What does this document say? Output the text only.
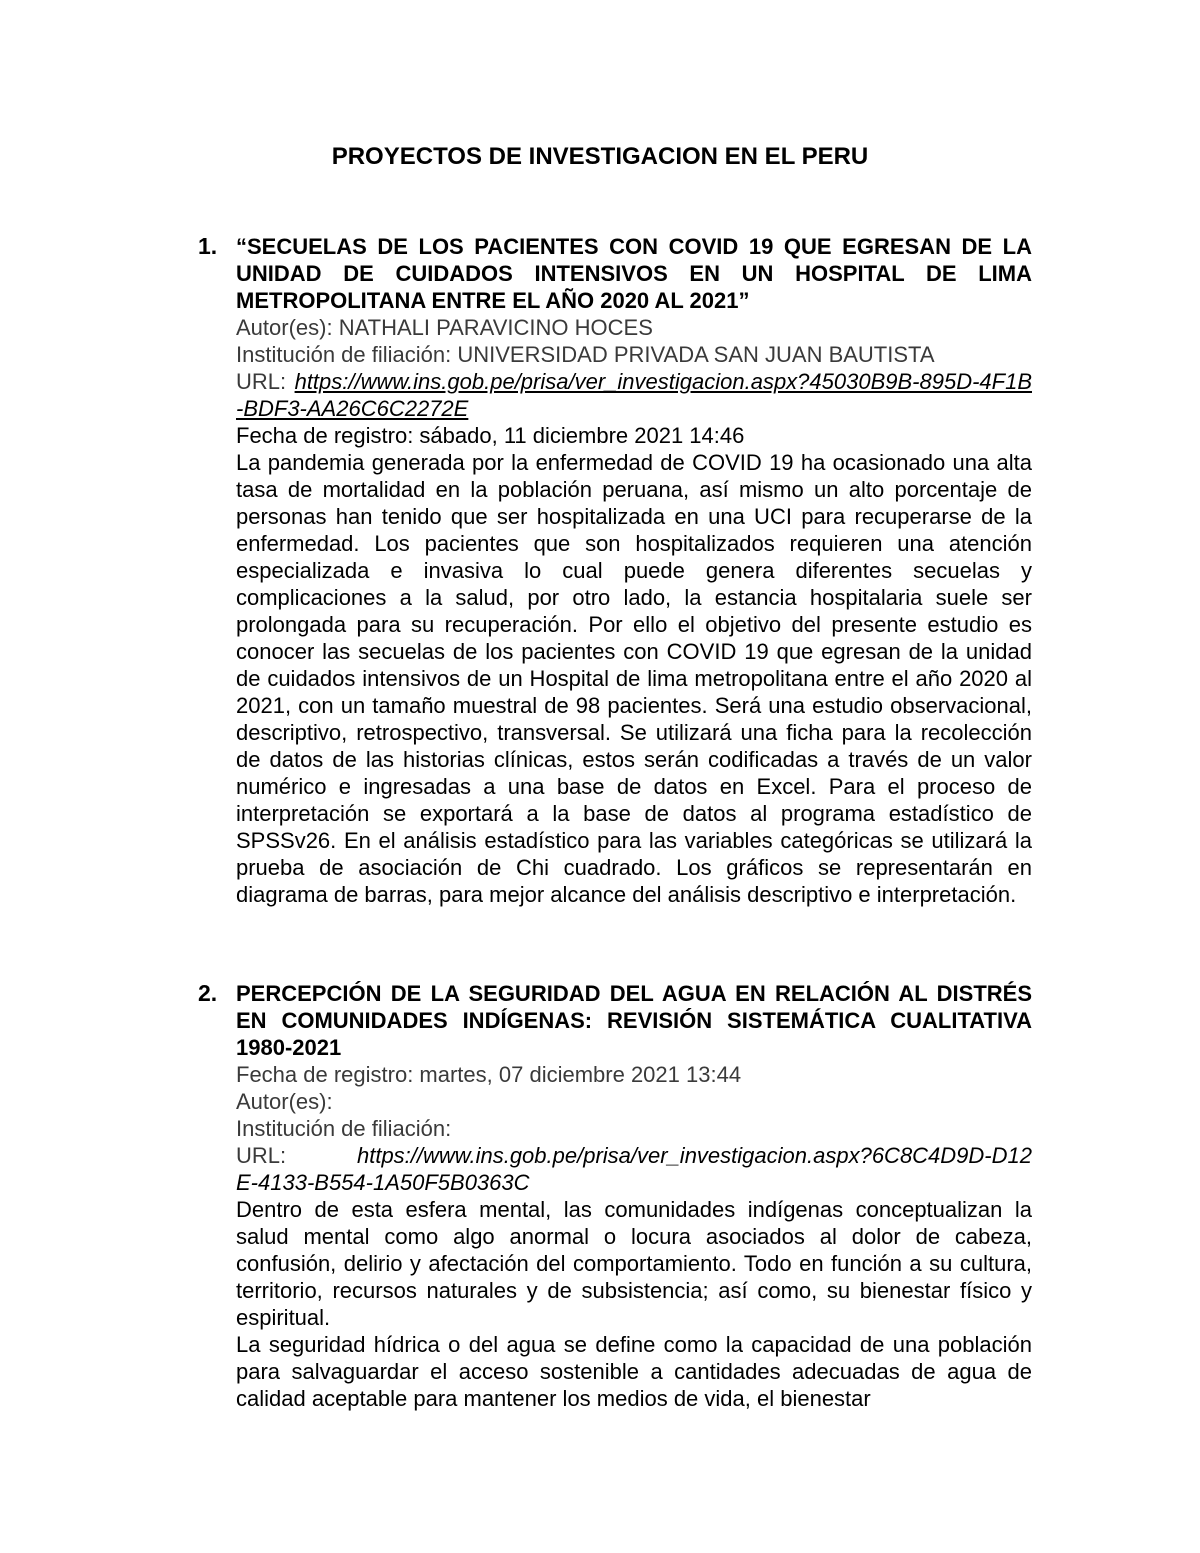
PROYECTOS DE INVESTIGACION EN EL PERU
1. “SECUELAS DE LOS PACIENTES CON COVID 19 QUE EGRESAN DE LA UNIDAD DE CUIDADOS INTENSIVOS EN UN HOSPITAL DE LIMA METROPOLITANA ENTRE EL AÑO 2020 AL 2021”

Autor(es): NATHALI PARAVICINO HOCES

Institución de filiación: UNIVERSIDAD PRIVADA SAN JUAN BAUTISTA

URL: https://www.ins.gob.pe/prisa/ver_investigacion.aspx?45030B9B-895D-4F1B-BDF3-AA26C6C2272E

Fecha de registro: sábado, 11 diciembre 2021 14:46

La pandemia generada por la enfermedad de COVID 19 ha ocasionado una alta tasa de mortalidad en la población peruana, así mismo un alto porcentaje de personas han tenido que ser hospitalizada en una UCI para recuperarse de la enfermedad. Los pacientes que son hospitalizados requieren una atención especializada e invasiva lo cual puede genera diferentes secuelas y complicaciones a la salud, por otro lado, la estancia hospitalaria suele ser prolongada para su recuperación. Por ello el objetivo del presente estudio es conocer las secuelas de los pacientes con COVID 19 que egresan de la unidad de cuidados intensivos de un Hospital de lima metropolitana entre el año 2020 al 2021, con un tamaño muestral de 98 pacientes. Será una estudio observacional, descriptivo, retrospectivo, transversal. Se utilizará una ficha para la recolección de datos de las historias clínicas, estos serán codificadas a través de un valor numérico e ingresadas a una base de datos en Excel. Para el proceso de interpretación se exportará a la base de datos al programa estadístico de SPSSv26. En el análisis estadístico para las variables categóricas se utilizará la prueba de asociación de Chi cuadrado. Los gráficos se representarán en diagrama de barras, para mejor alcance del análisis descriptivo e interpretación.

2. PERCEPCIÓN DE LA SEGURIDAD DEL AGUA EN RELACIÓN AL DISTRÉS EN COMUNIDADES INDÍGENAS: REVISIÓN SISTEMÁTICA CUALITATIVA 1980-2021

Fecha de registro: martes, 07 diciembre 2021 13:44

Autor(es):

Institución de filiación:

URL:	https://www.ins.gob.pe/prisa/ver_investigacion.aspx?6C8C4D9D-D12E-4133-B554-1A50F5B0363C

Dentro de esta esfera mental, las comunidades indígenas conceptualizan la salud mental como algo anormal o locura asociados al dolor de cabeza, confusión, delirio y afectación del comportamiento. Todo en función a su cultura, territorio, recursos naturales y de subsistencia; así como, su bienestar físico y espiritual.

La seguridad hídrica o del agua se define como la capacidad de una población para salvaguardar el acceso sostenible a cantidades adecuadas de agua de calidad aceptable para mantener los medios de vida, el bienestar
